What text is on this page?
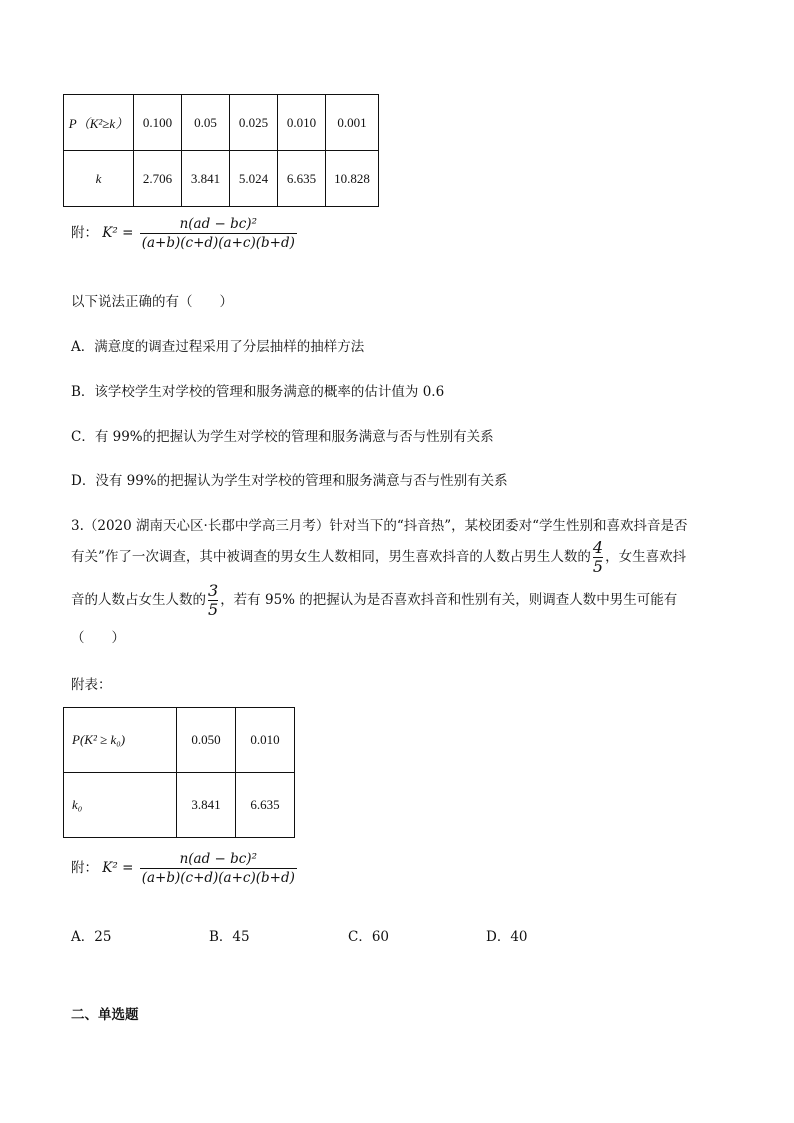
P（K²≥k）	0.100	0.05	0.025	0.010	0.001
k	2.706	3.841	5.024	6.635	10.828
附： $K^2 = \frac{\text{n(ad − bc)²}}{(a+b)(c+d)(a+c)(b+d)}$
以下说法正确的有（　　）
A．满意度的调查过程采用了分层抽样的抽样方法
B．该学校学生对学校的管理和服务满意的概率的估计值为 0.6
C．有 99%的把握认为学生对学校的管理和服务满意与否与性别有关系
D．没有 99%的把握认为学生对学校的管理和服务满意与否与性别有关系
3.（2020 湖南天心区·长郡中学高三月考）针对当下的“抖音热”，某校团委对“学生性别和喜欢抖音是否
有关”作了一次调查，其中被调查的男女生人数相同，男生喜欢抖音的人数占男生人数的 $\frac{4}{5}$ ，女生喜欢抖
音的人数占女生人数的 $\frac{3}{5}$ ，若有 95% 的把握认为是否喜欢抖音和性别有关，则调查人数中男生可能有
（　　）
附表：
P(K² ≥ k₀)	0.050	0.010
k₀	3.841	6.635
附： $K^2 = \frac{\text{n(ad − bc)²}}{(a+b)(c+d)(a+c)(b+d)}$
A．25	B．45	C．60	D．40
二、单选题
